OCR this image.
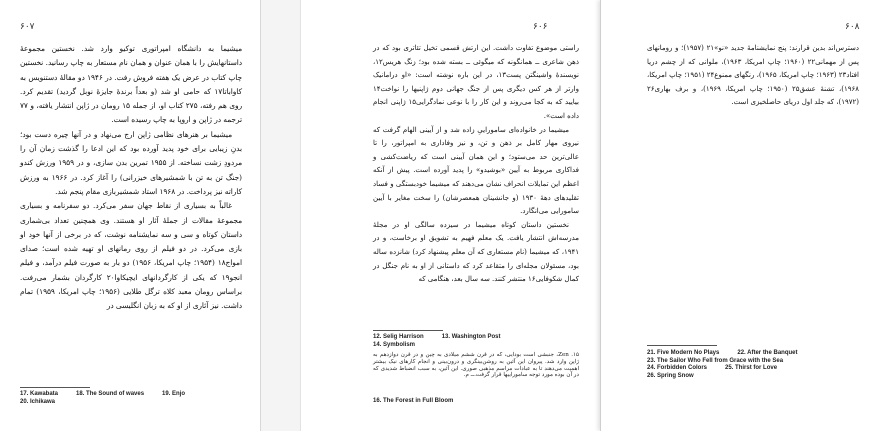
۶۰۷

میشیما به دانشگاه امپراتوری توکیو وارد شد. نخستین مجموعهٔ داستانهایش را با همان عنوان و همان نام مستعار به چاپ رسانید. نخستین چاپ کتاب در عرض یک هفته فروش رفت. در ۱۹۴۶ دو مقالهٔ دستنویس به کاواباتا‌۱۷ که حامی او شد (و بعداً برندهٔ جایزهٔ نوبل گردید) تقدیم کرد. روی هم رفته، ۲۷۵ کتاب او، از جمله ۱۵ رومان در ژاپن انتشار یافته، و ۷۷ ترجمه در ژاپن و اروپا به چاپ رسیده است.

میشیما بر هنرهای نظامی ژاپن ارج می‌نهاد و در آنها چیره دست بود؛ بدنِ زیبایی برای خود پدید آورده بود که این ادعا را گذشت زمان آن را مردودِ زشت نساخته. از ۱۹۵۵ تمرین بدن سازی، و در ۱۹۵۹ ورزش کندو (جنگ تن به تن با شمشیرهای خیزرانی) را آغاز کرد. در ۱۹۶۶ به ورزش کاراته نیز پرداخت. در ۱۹۶۸ استاد شمشیربازی مقام پنجم شد.

غالباً به بسیاری از نقاط جهان سفر می‌کرد. دو سفرنامه و بسیاری مجموعهٔ مقالات از جملهٔ آثار او هستند. وی همچنین تعداد بی‌شماری داستان کوتاه و سی و سه نمایشنامه نوشت، که در برخی از آنها خود او بازی می‌کرد. در دو فیلم از روی رمانهای او تهیه شده است؛ صدای امواج‌۱۸ (۱۹۵۴؛ چاپ امریکا، ۱۹۵۶) دو بار به صورت فیلم درآمد، و فیلم انجو‌۱۹ که یکی از کارگردانهای ایچیکاوا‌۲۰ کارگردان بشمار می‌رفت. براساس رومان معبد کلاه ترگل طلایی (۱۹۵۶؛ چاپ امریکا، ۱۹۵۹) تمام داشت. نیز آثاری از او که به زبان انگلیسی در

17. Kawabata	18. The Sound of waves	19. Enjo
20. Ichikawa
۶۰۶

راستی موضوع تفاوت داشت. این ارتش قسمی تخیل تئاتری بود که در ذهن شاعری ــ همانگونه که میگوئی ــ بسته شده بود؛ زنگ هریس‌۱۲، نویسندهٔ واشینگتن پست‌۱۳، در این باره نوشته است: «او درامانیک وارتر از هر کس دیگری پس از جنگ جهانی دوم ژاپنیها را نواخت‌۱۴ بیایید که به کجا می‌روند و این کار را با نوعی نمادگرایی‌۱۵ ژاپنی انجام داده است».

میشیما در خانواده‌ای ساموراییِ زاده شد و از آیینی الهام گرفت که نیروی مهار کامل بر ذهن و تن، و نیز وفاداری به امپراتور، را تا عالی‌ترین حد می‌ستود؛ و این همان آیینی است که ریاضت‌کشی و فداکاری مربوط به آیین «بوشیدو» را پدید آورده است. پیش از آنکه اعظم این تمایلات انحراف نشان می‌دهند که میشیما خودبستگی و فساد تقلیدهای دههٔ ۱۹۳۰ (و جانشینان همعصرشان) را سخت مغایر با آیین سامورایی می‌انگارد.

نخستین داستان کوتاه میشیما در سیزده سالگی او در مجلهٔ مدرسه‌اش انتشار یافت. یک معلم فهیم به تشویق او برخاست، و در ۱۹۴۱، که میشیما (نام مستعاری که آن معلم پیشنهاد کرد) شانزده ساله بود، مسئولان مجله‌ای را متقاعد کرد که داستانی از او به نام جنگل در کمال شکوفایی‌۱۶ منتشر کنند. سه سال بعد، هنگامی که

12. Selig Harrison	13. Washington Post
14. Symbolism
۱۵. Zen، جنبشی است بودایی، که در قرن ششم میلادی به چین و در قرن دوازدهم به ژاپن وارد شد. پیروان این آئین به روشن‌بینگری و درون‌بینی و انجام کارهای نیک بیشتر اهمیت می‌دهند تا به عبادات مراسم مذهبی صوری. این آئین، به سبب انضباط شدیدی که در آن بوده مورد توجه ساموراییها قرار گرفت.ــ م.
16. The Forest in Full Bloom
۶۰۸

دسترس‌اند بدین قرارند: پنج نمایشنامهٔ جدید «نو»‌۲۱ (۱۹۵۷)؛ و رومانهای پس از مهمانی‌۲۲ (۱۹۶۰؛ چاپ امریکا، ۱۹۶۳)، ملوانی که از چشم دریا افتاد‌۲۳ (۱۹۶۳؛ چاپ امریکا، ۱۹۶۵)، رنگهای ممنوع‌۲۴ (۱۹۵۱؛ چاپ امریکا، ۱۹۶۸)، تشنهٔ عشق‌۲۵ (۱۹۵۰؛ چاپ امریکا، ۱۹۶۹)، و برف بهاری‌۲۶ (۱۹۷۲)، که جلد اول دریای حاصلخیزی است.

21. Five Modern No Plays	22. After the Banquet
23. The Sailor Who Fell from Grace with the Sea
24. Forbidden Colors	25. Thirst for Love
26. Spring Snow
